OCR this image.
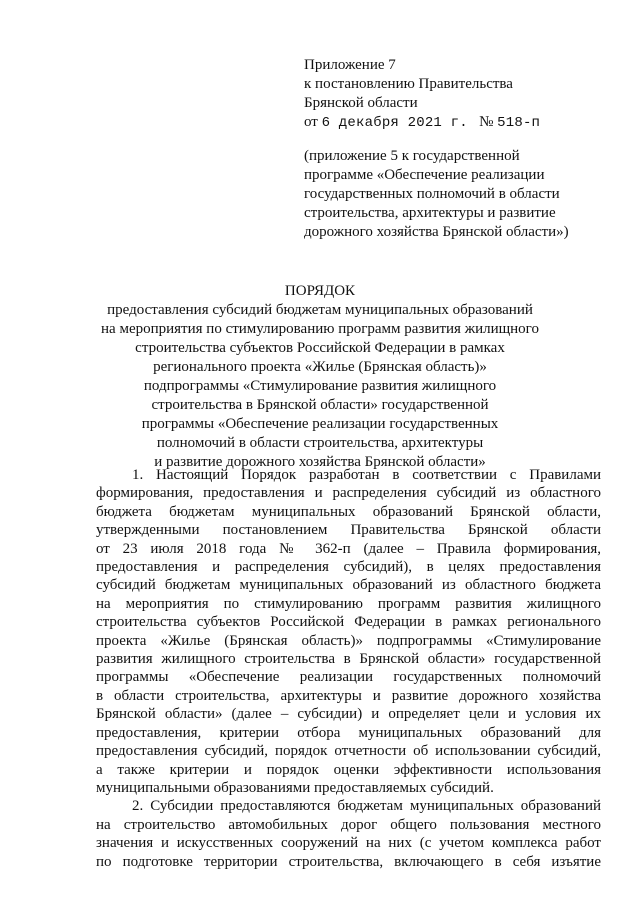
Приложение 7
к постановлению Правительства
Брянской области
от 6 декабря 2021 г. № 518-п
(приложение 5 к государственной
программе «Обеспечение реализации
государственных полномочий в области
строительства, архитектуры и развитие
дорожного хозяйства Брянской области»)
ПОРЯДОК
предоставления субсидий бюджетам муниципальных образований
на мероприятия по стимулированию программ развития жилищного
строительства субъектов Российской Федерации в рамках
регионального проекта «Жилье (Брянская область)»
подпрограммы «Стимулирование развития жилищного
строительства в Брянской области» государственной
программы «Обеспечение реализации государственных
полномочий в области строительства, архитектуры
и развитие дорожного хозяйства Брянской области»
1. Настоящий Порядок разработан в соответствии с Правилами
формирования, предоставления и распределения субсидий из областного
бюджета бюджетам муниципальных образований Брянской области,
утвержденными постановлением Правительства Брянской области
от 23 июля 2018 года № 362-п (далее – Правила формирования,
предоставления и распределения субсидий), в целях предоставления
субсидий бюджетам муниципальных образований из областного бюджета
на мероприятия по стимулированию программ развития жилищного
строительства субъектов Российской Федерации в рамках регионального
проекта «Жилье (Брянская область)» подпрограммы «Стимулирование
развития жилищного строительства в Брянской области» государственной
программы «Обеспечение реализации государственных полномочий
в области строительства, архитектуры и развитие дорожного хозяйства
Брянской области» (далее – субсидии) и определяет цели и условия их
предоставления, критерии отбора муниципальных образований для
предоставления субсидий, порядок отчетности об использовании субсидий,
а также критерии и порядок оценки эффективности использования
муниципальными образованиями предоставляемых субсидий.
2. Субсидии предоставляются бюджетам муниципальных образований
на строительство автомобильных дорог общего пользования местного
значения и искусственных сооружений на них (с учетом комплекса работ
по подготовке территории строительства, включающего в себя изъятие
